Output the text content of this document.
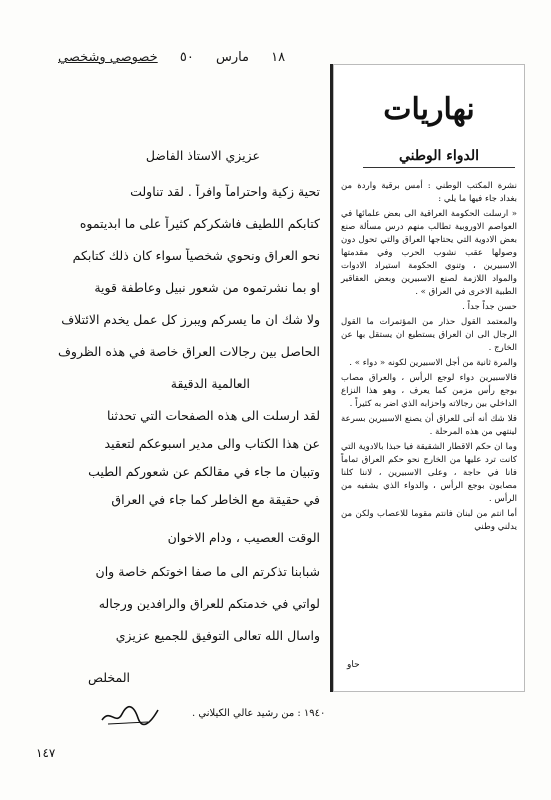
١٨ مارس ٥٠ خصوصي وشخصي
عزيزي الاستاذ الفاضل
تحية زكية واحتراماً وافراً . لقد تناولت
كتابكم اللطيف فاشكركم كثيراً على ما ابديتموه
نحو العراق ونحوي شخصياً سواء كان ذلك كتابكم
او بما نشرتموه من شعور نبيل وعاطفة قوية
ولا شك ان ما يسركم ويبرز كل عمل يخدم الائتلاف
الحاصل بين رجالات العراق خاصة في هذه الظروف
العالمية الدقيقة
لقد ارسلت الى هذه الصفحات التي تحدثنا
عن هذا الكتاب والى مدير اسبوعكم لتعقيد
وتبيان ما جاء في مقالكم عن شعوركم الطيب
في حقيقة مع الخاطر كما جاء في العراق
الوقت العصيب ، ودام الاخوان
شبابنا تذكرتم الى ما صفا اخوتكم خاصة وان
لواتي في خدمتكم للعراق والرافدين ورجاله
واسال الله تعالى التوفيق للجميع عزيزي
المخلص
نهاريات
الدواء الوطني

نشرة المكتب الوطني : أمس برقية واردة من بغداد جاء فيها ما يلي :

« ارسلت الحكومة العراقية الى بعض علمائها في العواصم الاوروبية تطالب منهم درس مسألة صنع بعض الادوية التي يحتاجها العراق والتي تحول دون وصولها عقب نشوب الحرب وفي مقدمتها الاسبيرين ، وتنوي الحكومة استيراد الادوات والمواد اللازمة لصنع الاسبيرين وبعض العقاقير الطبية الاخرى في العراق » .

حسن جداً جداً .

والمعتمد القول حذار من المؤتمرات ما القول الرجال الى ان العراق يستطيع ان يستقل بها عن الخارج .

والمرة ثانية من أجل الاسبيرين لكونه « دواء » .

فالاسبيرين دواء لوجع الرأس ، والعراق مصاب بوجع رأس مزمن كما يعرف ، وهو هذا النزاع الداخلي بين رجالاته واحزابه الذي اضر به كثيراً .

فلا شك أنه أتى للعراق أن يصنع الاسبيرين بسرعة لينتهي من هذه المرحلة .

وما ان حكم الاقطار الشقيقة فيا حبذا بالادوية التي كانت ترد عليها من الخارج نحو حكم العراق تماماً فانا في حاجة ، وعلى الاسبيرين ، لاننا كلنا مصابون بوجع الرأس ، والدواء الذي يشفيه من الرأس .

أما انتم من لبنان فانتم مقوما للاعصاب ولكن من يدلني وطني

حاو
١٩٤٠ : من رشيد عالي الكيلاني .
١٤٧
